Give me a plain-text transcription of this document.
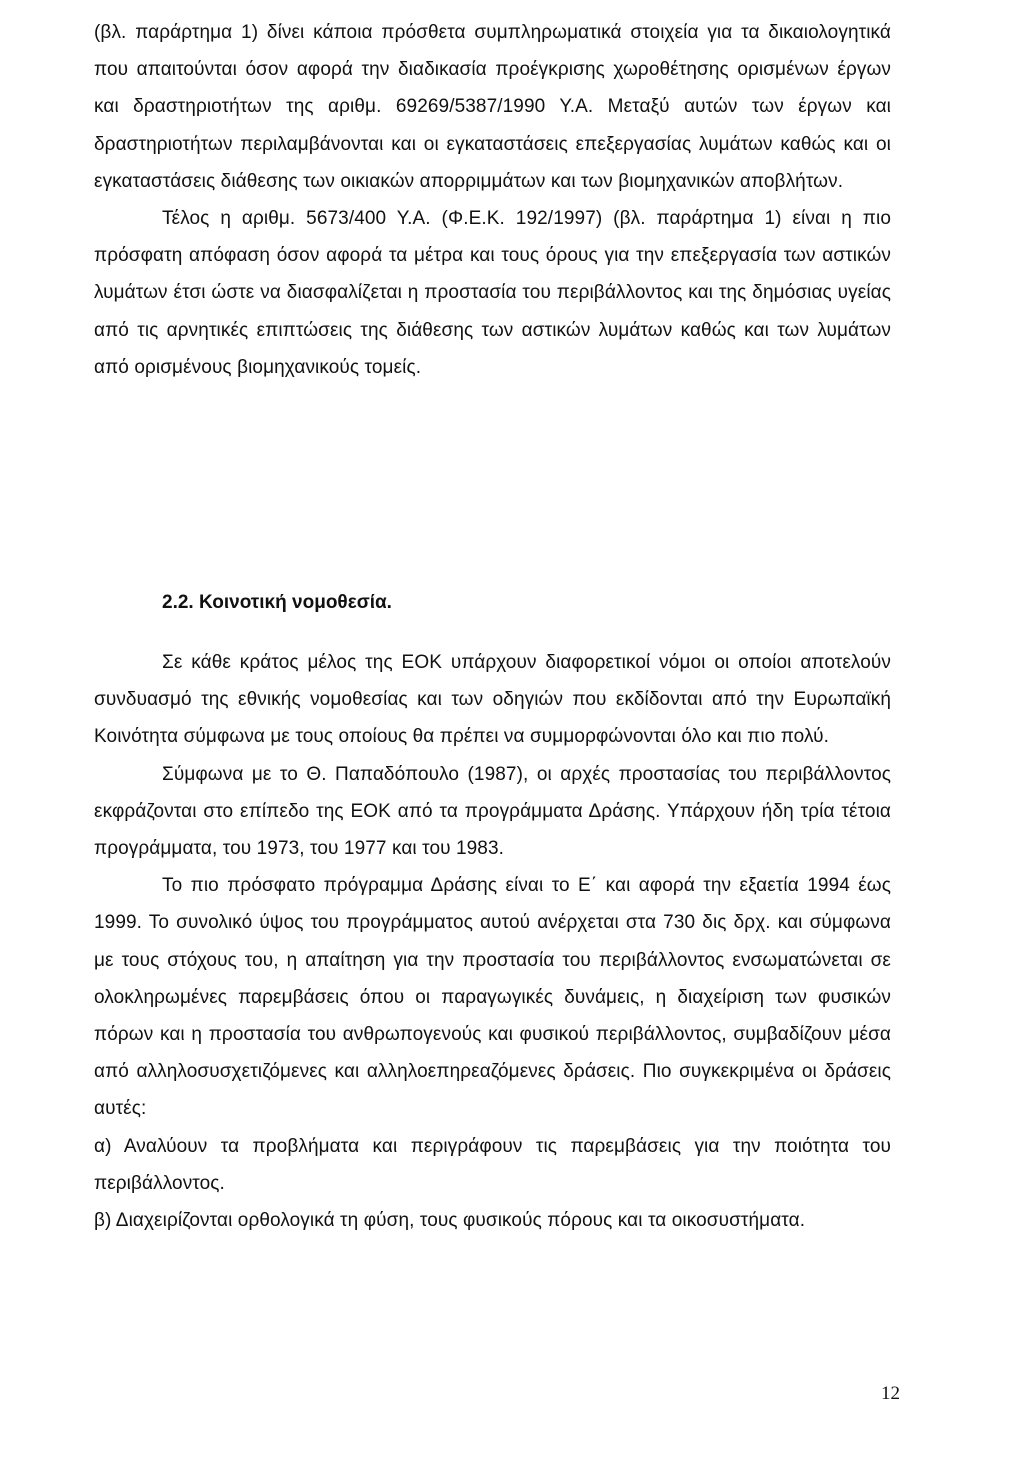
(βλ. παράρτημα 1) δίνει κάποια πρόσθετα συμπληρωματικά στοιχεία για τα δικαιολογητικά που απαιτούνται όσον αφορά την διαδικασία προέγκρισης χωροθέτησης ορισμένων έργων και δραστηριοτήτων της αριθμ. 69269/5387/1990 Υ.Α. Μεταξύ αυτών των έργων και δραστηριοτήτων περιλαμβάνονται και οι εγκαταστάσεις επεξεργασίας λυμάτων καθώς και οι εγκαταστάσεις διάθεσης των οικιακών απορριμμάτων και των βιομηχανικών αποβλήτων.

Τέλος η αριθμ. 5673/400 Υ.Α. (Φ.Ε.Κ. 192/1997) (βλ. παράρτημα 1) είναι η πιο πρόσφατη απόφαση όσον αφορά τα μέτρα και τους όρους για την επεξεργασία των αστικών λυμάτων έτσι ώστε να διασφαλίζεται η προστασία του περιβάλλοντος και της δημόσιας υγείας από τις αρνητικές επιπτώσεις της διάθεσης των αστικών λυμάτων καθώς και των λυμάτων από ορισμένους βιομηχανικούς τομείς.

2.2. Κοινοτική νομοθεσία.

Σε κάθε κράτος μέλος της ΕΟΚ υπάρχουν διαφορετικοί νόμοι οι οποίοι αποτελούν συνδυασμό της εθνικής νομοθεσίας και των οδηγιών που εκδίδονται από την Ευρωπαϊκή Κοινότητα σύμφωνα με τους οποίους θα πρέπει να συμμορφώνονται όλο και πιο πολύ.

Σύμφωνα με το Θ. Παπαδόπουλο (1987), οι αρχές προστασίας του περιβάλλοντος εκφράζονται στο επίπεδο της ΕΟΚ από τα προγράμματα Δράσης. Υπάρχουν ήδη τρία τέτοια προγράμματα, του 1973, του 1977 και του 1983.

Το πιο πρόσφατο πρόγραμμα Δράσης είναι το Ε΄ και αφορά την εξαετία 1994 έως 1999. Το συνολικό ύψος του προγράμματος αυτού ανέρχεται στα 730 δις δρχ. και σύμφωνα με τους στόχους του, η απαίτηση για την προστασία του περιβάλλοντος ενσωματώνεται σε ολοκληρωμένες παρεμβάσεις όπου οι παραγωγικές δυνάμεις, η διαχείριση των φυσικών πόρων και η προστασία του ανθρωπογενούς και φυσικού περιβάλλοντος, συμβαδίζουν μέσα από αλληλοσυσχετιζόμενες και αλληλοεπηρεαζόμενες δράσεις. Πιο συγκεκριμένα οι δράσεις αυτές:

α) Αναλύουν τα προβλήματα και περιγράφουν τις παρεμβάσεις για την ποιότητα του περιβάλλοντος.

β) Διαχειρίζονται ορθολογικά τη φύση, τους φυσικούς πόρους και τα οικοσυστήματα.

12
